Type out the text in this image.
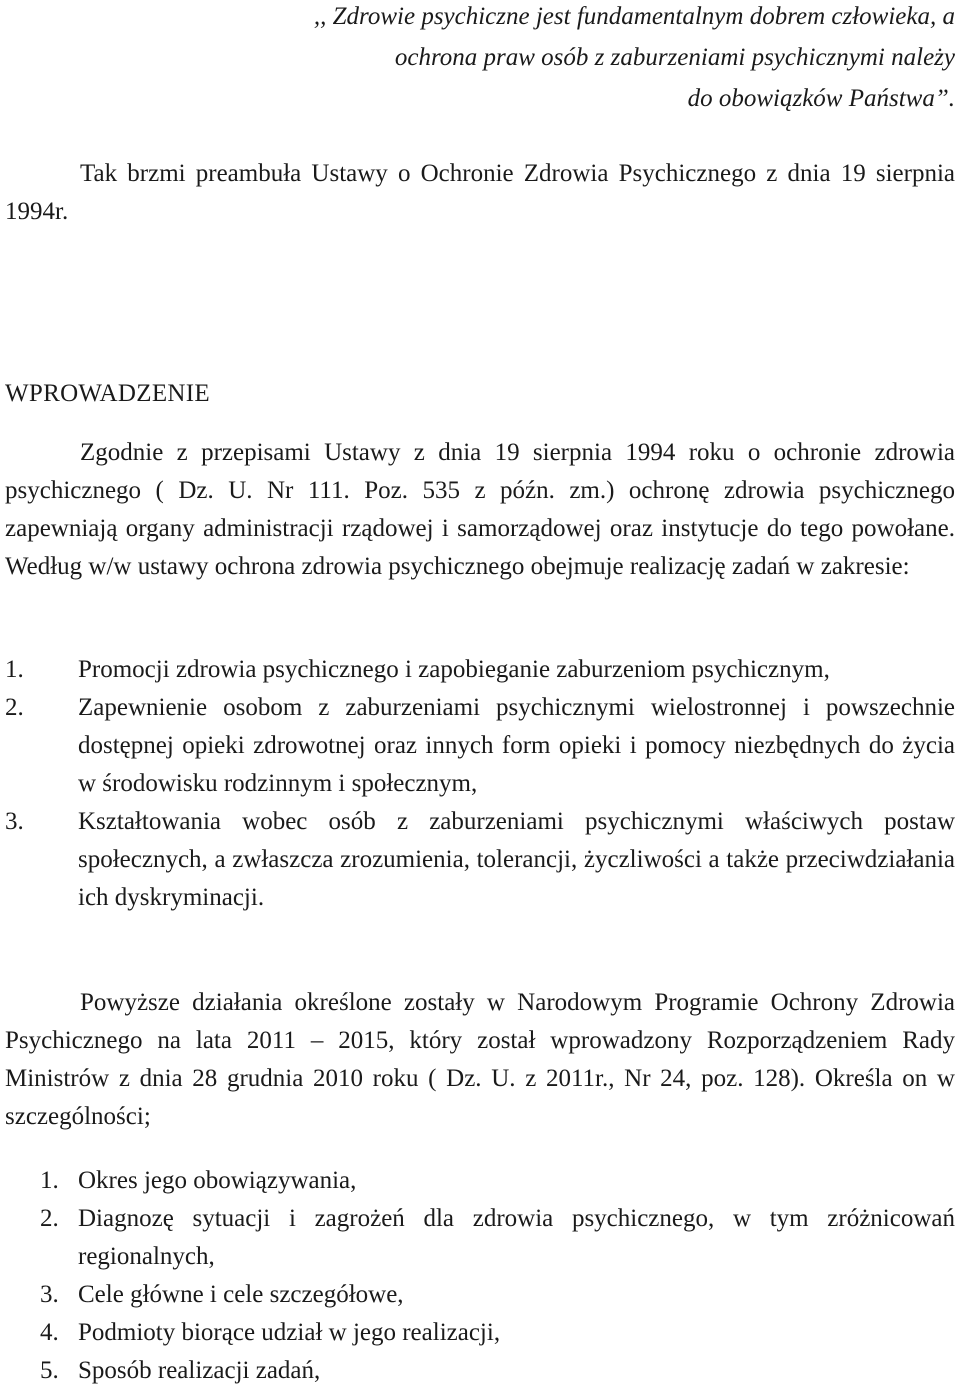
,, Zdrowie psychiczne jest fundamentalnym dobrem człowieka, a
ochrona praw osób z zaburzeniami psychicznymi należy
do obowiązków Państwa”.

Tak brzmi preambuła Ustawy o Ochronie Zdrowia Psychicznego z dnia 19 sierpnia 1994r.

WPROWADZENIE

Zgodnie z przepisami Ustawy z dnia 19 sierpnia 1994 roku o ochronie zdrowia psychicznego ( Dz. U. Nr 111. Poz. 535 z późn. zm.) ochronę zdrowia psychicznego zapewniają organy administracji rządowej i samorządowej oraz instytucje do tego powołane. Według w/w ustawy ochrona zdrowia psychicznego obejmuje realizację zadań w zakresie:

1. Promocji zdrowia psychicznego i zapobieganie zaburzeniom psychicznym,
2. Zapewnienie osobom z zaburzeniami psychicznymi wielostronnej i powszechnie dostępnej opieki zdrowotnej oraz innych form opieki i pomocy niezbędnych do życia w środowisku rodzinnym i społecznym,
3. Kształtowania wobec osób z zaburzeniami psychicznymi właściwych postaw społecznych, a zwłaszcza zrozumienia, tolerancji, życzliwości a także przeciwdziałania ich dyskryminacji.

Powyższe działania określone zostały w Narodowym Programie Ochrony Zdrowia Psychicznego na lata 2011 – 2015, który został wprowadzony Rozporządzeniem Rady Ministrów z dnia 28 grudnia 2010 roku ( Dz. U. z 2011r., Nr 24, poz. 128). Określa on w szczególności;

1. Okres jego obowiązywania,
2. Diagnozę sytuacji i zagrożeń dla zdrowia psychicznego, w tym zróżnicowań regionalnych,
3. Cele główne i cele szczegółowe,
4. Podmioty biorące udział w jego realizacji,
5. Sposób realizacji zadań,
